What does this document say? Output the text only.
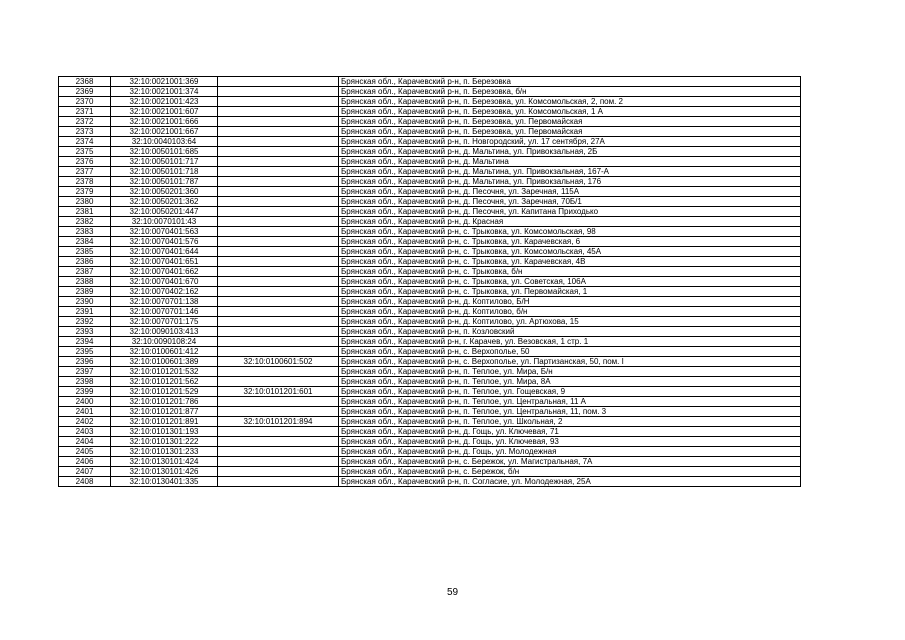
2368	32:10:0021001:369		Брянская обл., Карачевский р-н, п. Березовка
2369	32:10:0021001:374		Брянская обл., Карачевский р-н, п. Березовка, б/н
2370	32:10:0021001:423		Брянская обл., Карачевский р-н, п. Березовка, ул. Комсомольская, 2, пом. 2
2371	32:10:0021001:607		Брянская обл., Карачевский р-н, п. Березовка, ул. Комсомольская, 1 А
2372	32:10:0021001:666		Брянская обл., Карачевский р-н, п. Березовка, ул. Первомайская
2373	32:10:0021001:667		Брянская обл., Карачевский р-н, п. Березовка, ул. Первомайская
2374	32:10:0040103:64		Брянская обл., Карачевский р-н, п. Новгородский, ул. 17 сентября, 27А
2375	32:10:0050101:685		Брянская обл., Карачевский р-н, д. Мальтина, ул. Привокзальная, 2Б
2376	32:10:0050101:717		Брянская обл., Карачевский р-н, д. Мальтина
2377	32:10:0050101:718		Брянская обл., Карачевский р-н, д. Мальтина, ул. Привокзальная, 167-А
2378	32:10:0050101:787		Брянская обл., Карачевский р-н, д. Мальтина, ул. Привокзальная, 176
2379	32:10:0050201:360		Брянская обл., Карачевский р-н, д. Песочня, ул. Заречная, 115А
2380	32:10:0050201:362		Брянская обл., Карачевский р-н, д. Песочня, ул. Заречная, 70Б/1
2381	32:10:0050201:447		Брянская обл., Карачевский р-н, д. Песочня, ул. Капитана Приходько
2382	32:10:0070101:43		Брянская обл., Карачевский р-н, д. Красная
2383	32:10:0070401:563		Брянская обл., Карачевский р-н, с. Трыковка, ул. Комсомольская, 98
2384	32:10:0070401:576		Брянская обл., Карачевский р-н, с. Трыковка, ул. Карачевская, 6
2385	32:10:0070401:644		Брянская обл., Карачевский р-н, с. Трыковка, ул. Комсомольская, 45А
2386	32:10:0070401:651		Брянская обл., Карачевский р-н, с. Трыковка, ул. Карачевская, 4В
2387	32:10:0070401:662		Брянская обл., Карачевский р-н, с. Трыковка, б/н
2388	32:10:0070401:670		Брянская обл., Карачевский р-н, с. Трыковка, ул. Советская, 106А
2389	32:10:0070402:162		Брянская обл., Карачевский р-н, с. Трыковка, ул. Первомайская, 1
2390	32:10:0070701:138		Брянская обл., Карачевский р-н, д. Коптилово, Б/Н
2391	32:10:0070701:146		Брянская обл., Карачевский р-н, д. Коптилово, б/н
2392	32:10:0070701:175		Брянская обл., Карачевский р-н, д. Коптилово, ул. Артюхова, 15
2393	32:10:0090103:413		Брянская обл., Карачевский р-н, п. Козловский
2394	32:10:0090108:24		Брянская обл., Карачевский р-н, г. Карачев, ул. Везовская, 1 стр. 1
2395	32:10:0100601:412		Брянская обл., Карачевский р-н, с. Верхополье, 50
2396	32:10:0100601:389	32:10:0100601:502	Брянская обл., Карачевский р-н, с. Верхополье, ул. Партизанская, 50, пом. I
2397	32:10:0101201:532		Брянская обл., Карачевский р-н, п. Теплое, ул. Мира, Б/н
2398	32:10:0101201:562		Брянская обл., Карачевский р-н, п. Теплое, ул. Мира, 8А
2399	32:10:0101201:529	32:10:0101201:601	Брянская обл., Карачевский р-н, п. Теплое, ул. Гощевская, 9
2400	32:10:0101201:786		Брянская обл., Карачевский р-н, п. Теплое, ул. Центральная, 11 А
2401	32:10:0101201:877		Брянская обл., Карачевский р-н, п. Теплое, ул. Центральная, 11, пом. 3
2402	32:10:0101201:891	32:10:0101201:894	Брянская обл., Карачевский р-н, п. Теплое, ул. Школьная, 2
2403	32:10:0101301:193		Брянская обл., Карачевский р-н, д. Гощь, ул. Ключевая, 71
2404	32:10:0101301:222		Брянская обл., Карачевский р-н, д. Гощь, ул. Ключевая, 93
2405	32:10:0101301:233		Брянская обл., Карачевский р-н, д. Гощь, ул. Молодежная
2406	32:10:0130101:424		Брянская обл., Карачевский р-н, с. Бережок, ул. Магистральная, 7А
2407	32:10:0130101:426		Брянская обл., Карачевский р-н, с. Бережок, б/н
2408	32:10:0130401:335		Брянская обл., Карачевский р-н, п. Согласие, ул. Молодежная, 25А
59
